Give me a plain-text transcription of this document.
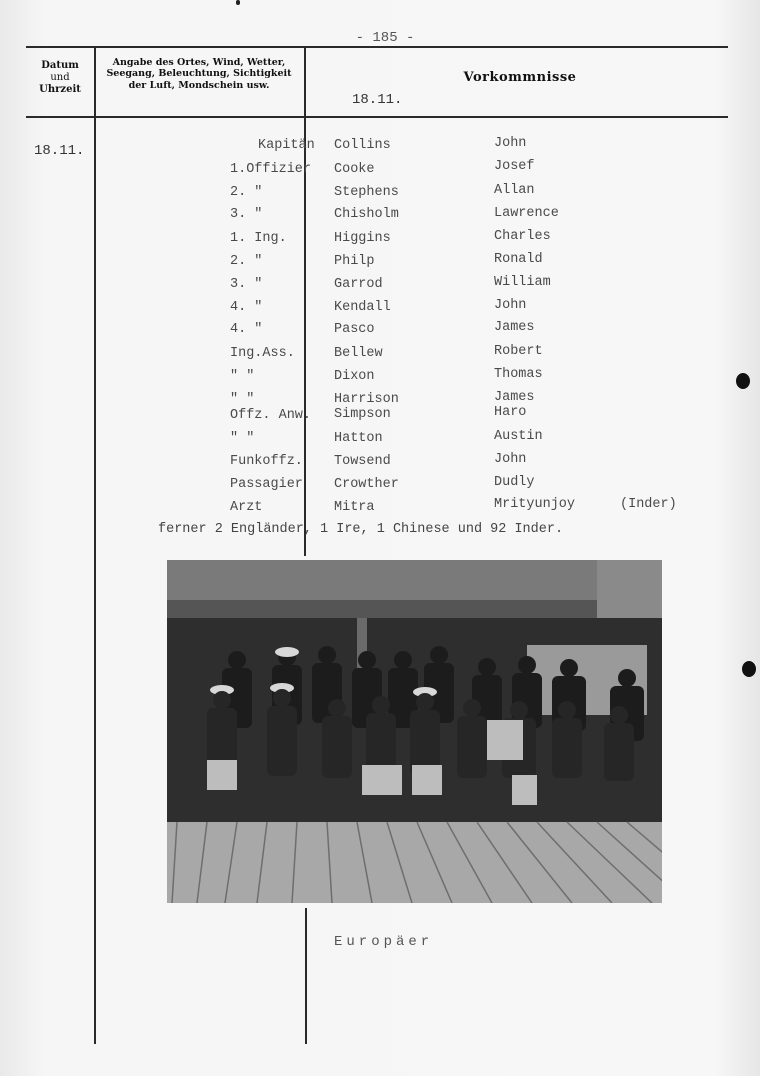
- 185 -
Datum
und
Uhrzeit
Angabe des Ortes, Wind, Wetter, Seegang, Beleuchtung, Sichtigkeit der Luft, Mondschein usw.
Vorkommnisse
18.11.
18.11.	Kapitän	Collins	John
1.Offizier	Cooke	Josef
2. "	Stephens	Allan
3. "	Chisholm	Lawrence
1. Ing.	Higgins	Charles
2. "	Philp	Ronald
3. "	Garrod	William
4. "	Kendall	John
4. "	Pasco	James
Ing.Ass.	Bellew	Robert
" "	Dixon	Thomas
" "	Harrison	James
Offz. Anw.	Simpson	Haro
" "	Hatton	Austin
Funkoffz.	Towsend	John
Passagier	Crowther	Dudly
Arzt	Mitra	Mrityunjoy	(Inder)
ferner 2 Engländer, 1 Ire, 1 Chinese und 92 Inder.
Europäer
